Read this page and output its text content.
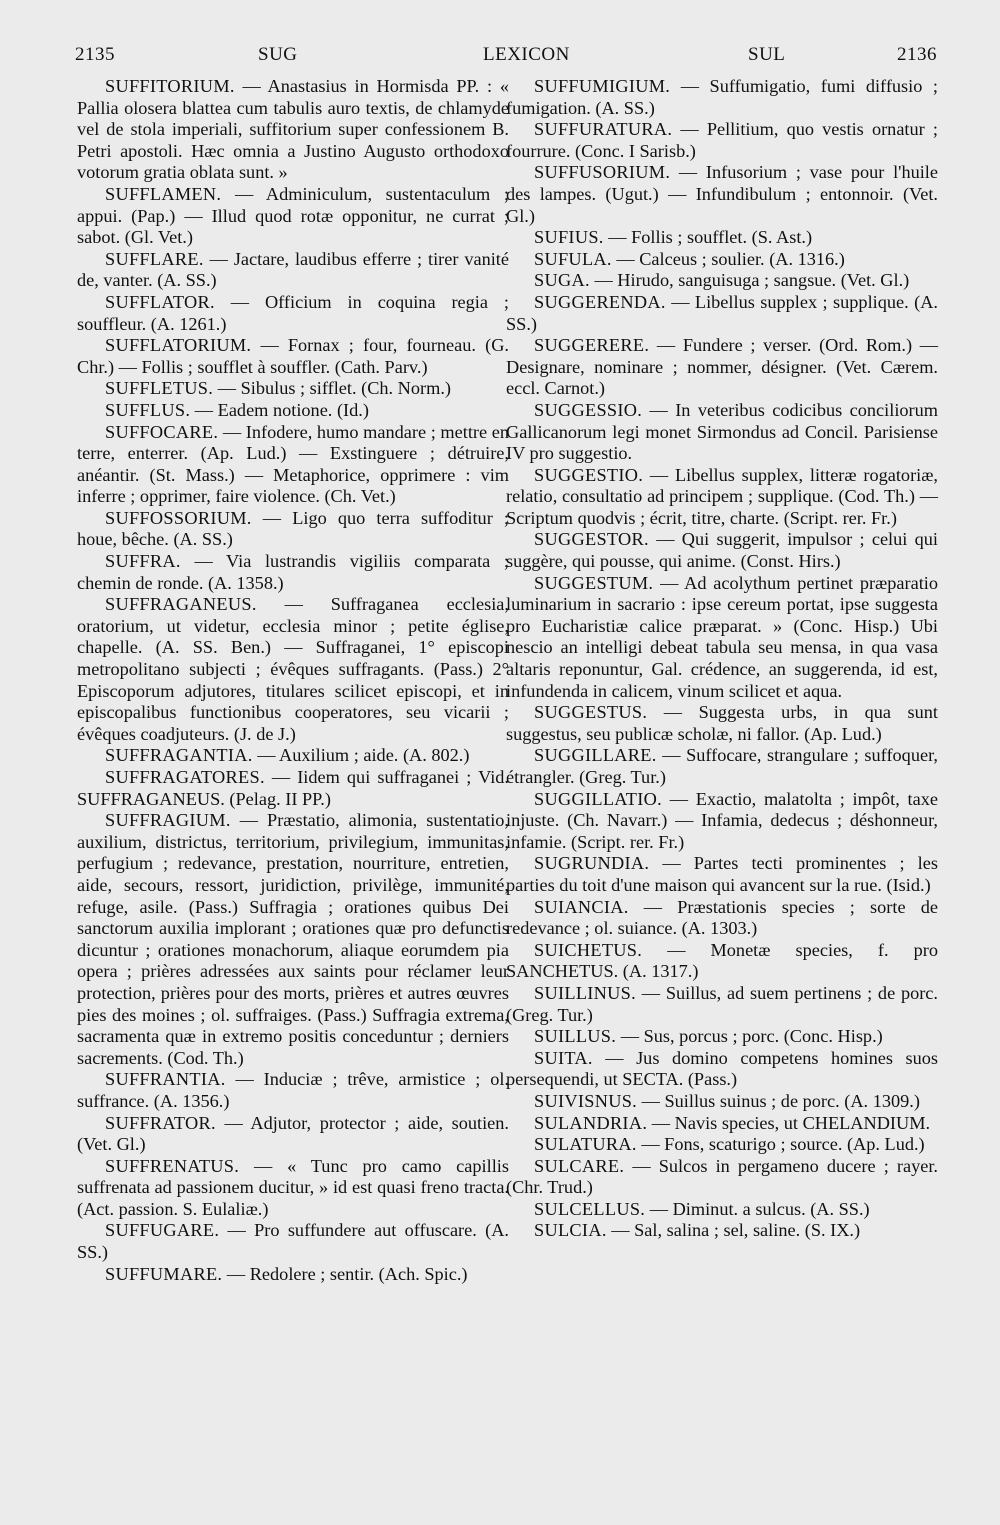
2135	SUG	LEXICON	SUL	2136

SUFFITORIUM. — Anastasius in Hormisda PP. : « Pallia olosera blattea cum tabulis auro textis, de chlamyde vel de stola imperiali, suffitorium super confessionem B. Petri apostoli. Hæc omnia a Justino Augusto orthodoxo votorum gratia oblata sunt. »

SUFFLAMEN. — Adminiculum, sustentaculum ; appui. (Pap.) — Illud quod rotæ opponitur, ne currat ; sabot. (Gl. Vet.)

SUFFLARE. — Jactare, laudibus efferre ; tirer vanité de, vanter. (A. SS.)

SUFFLATOR. — Officium in coquina regia ; souffleur. (A. 1261.)

SUFFLATORIUM. — Fornax ; four, fourneau. (G. Chr.) — Follis ; soufflet à souffler. (Cath. Parv.)

SUFFLETUS. — Sibulus ; sifflet. (Ch. Norm.)

SUFFLUS. — Eadem notione. (Id.)

SUFFOCARE. — Infodere, humo mandare ; mettre en terre, enterrer. (Ap. Lud.) — Exstinguere ; détruire, anéantir. (St. Mass.) — Metaphorice, opprimere : vim inferre ; opprimer, faire violence. (Ch. Vet.)

SUFFOSSORIUM. — Ligo quo terra suffoditur ; houe, bêche. (A. SS.)

SUFFRA. — Via lustrandis vigiliis comparata ; chemin de ronde. (A. 1358.)

SUFFRAGANEUS. — Suffraganea ecclesia, oratorium, ut videtur, ecclesia minor ; petite église, chapelle. (A. SS. Ben.) — Suffraganei, 1° episcopi metropolitano subjecti ; évêques suffragants. (Pass.) 2° Episcoporum adjutores, titulares scilicet episcopi, et in episcopalibus functionibus cooperatores, seu vicarii ; évêques coadjuteurs. (J. de J.)

SUFFRAGANTIA. — Auxilium ; aide. (A. 802.)

SUFFRAGATORES. — Iidem qui suffraganei ; Vid. SUFFRAGANEUS. (Pelag. II PP.)

SUFFRAGIUM. — Præstatio, alimonia, sustentatio, auxilium, districtus, territorium, privilegium, immunitas, perfugium ; redevance, prestation, nourriture, entretien, aide, secours, ressort, juridiction, privilège, immunité, refuge, asile. (Pass.) Suffragia ; orationes quibus Dei sanctorum auxilia implorant ; orationes quæ pro defunctis dicuntur ; orationes monachorum, aliaque eorumdem pia opera ; prières adressées aux saints pour réclamer leur protection, prières pour des morts, prières et autres œuvres pies des moines ; ol. suffraiges. (Pass.) Suffragia extrema, sacramenta quæ in extremo positis conceduntur ; derniers sacrements. (Cod. Th.)

SUFFRANTIA. — Induciæ ; trêve, armistice ; ol. suffrance. (A. 1356.)

SUFFRATOR. — Adjutor, protector ; aide, soutien. (Vet. Gl.)

SUFFRENATUS. — « Tunc pro camo capillis suffrenata ad passionem ducitur, » id est quasi freno tracta. (Act. passion. S. Eulaliæ.)

SUFFUGARE. — Pro suffundere aut offuscare. (A. SS.)

SUFFUMARE. — Redolere ; sentir. (Ach. Spic.)

SUFFUMIGIUM. — Suffumigatio, fumi diffusio ; fumigation. (A. SS.)

SUFFURATURA. — Pellitium, quo vestis ornatur ; fourrure. (Conc. I Sarisb.)

SUFFUSORIUM. — Infusorium ; vase pour l'huile des lampes. (Ugut.) — Infundibulum ; entonnoir. (Vet. Gl.)

SUFIUS. — Follis ; soufflet. (S. Ast.)

SUFULA. — Calceus ; soulier. (A. 1316.)

SUGA. — Hirudo, sanguisuga ; sangsue. (Vet. Gl.)

SUGGERENDA. — Libellus supplex ; supplique. (A. SS.)

SUGGERERE. — Fundere ; verser. (Ord. Rom.) — Designare, nominare ; nommer, désigner. (Vet. Cærem. eccl. Carnot.)

SUGGESSIO. — In veteribus codicibus conciliorum Gallicanorum legi monet Sirmondus ad Concil. Parisiense IV pro suggestio.

SUGGESTIO. — Libellus supplex, litteræ rogatoriæ, relatio, consultatio ad principem ; supplique. (Cod. Th.) — Scriptum quodvis ; écrit, titre, charte. (Script. rer. Fr.)

SUGGESTOR. — Qui suggerit, impulsor ; celui qui suggère, qui pousse, qui anime. (Const. Hirs.)

SUGGESTUM. — Ad acolythum pertinet præparatio luminarium in sacrario : ipse cereum portat, ipse suggesta pro Eucharistiæ calice præparat. » (Conc. Hisp.) Ubi nescio an intelligi debeat tabula seu mensa, in qua vasa altaris reponuntur, Gal. crédence, an suggerenda, id est, infundenda in calicem, vinum scilicet et aqua.

SUGGESTUS. — Suggesta urbs, in qua sunt suggestus, seu publicæ scholæ, ni fallor. (Ap. Lud.)

SUGGILLARE. — Suffocare, strangulare ; suffoquer, étrangler. (Greg. Tur.)

SUGGILLATIO. — Exactio, malatolta ; impôt, taxe injuste. (Ch. Navarr.) — Infamia, dedecus ; déshonneur, infamie. (Script. rer. Fr.)

SUGRUNDIA. — Partes tecti prominentes ; les parties du toit d'une maison qui avancent sur la rue. (Isid.)

SUIANCIA. — Præstationis species ; sorte de redevance ; ol. suiance. (A. 1303.)

SUICHETUS. — Monetæ species, f. pro SANCHETUS. (A. 1317.)

SUILLINUS. — Suillus, ad suem pertinens ; de porc. (Greg. Tur.)

SUILLUS. — Sus, porcus ; porc. (Conc. Hisp.)

SUITA. — Jus domino competens homines suos persequendi, ut SECTA. (Pass.)

SUIVISNUS. — Suillus suinus ; de porc. (A. 1309.)

SULANDRIA. — Navis species, ut CHELANDIUM.

SULATURA. — Fons, scaturigo ; source. (Ap. Lud.)

SULCARE. — Sulcos in pergameno ducere ; rayer. (Chr. Trud.)

SULCELLUS. — Diminut. a sulcus. (A. SS.)

SULCIA. — Sal, salina ; sel, saline. (S. IX.)
